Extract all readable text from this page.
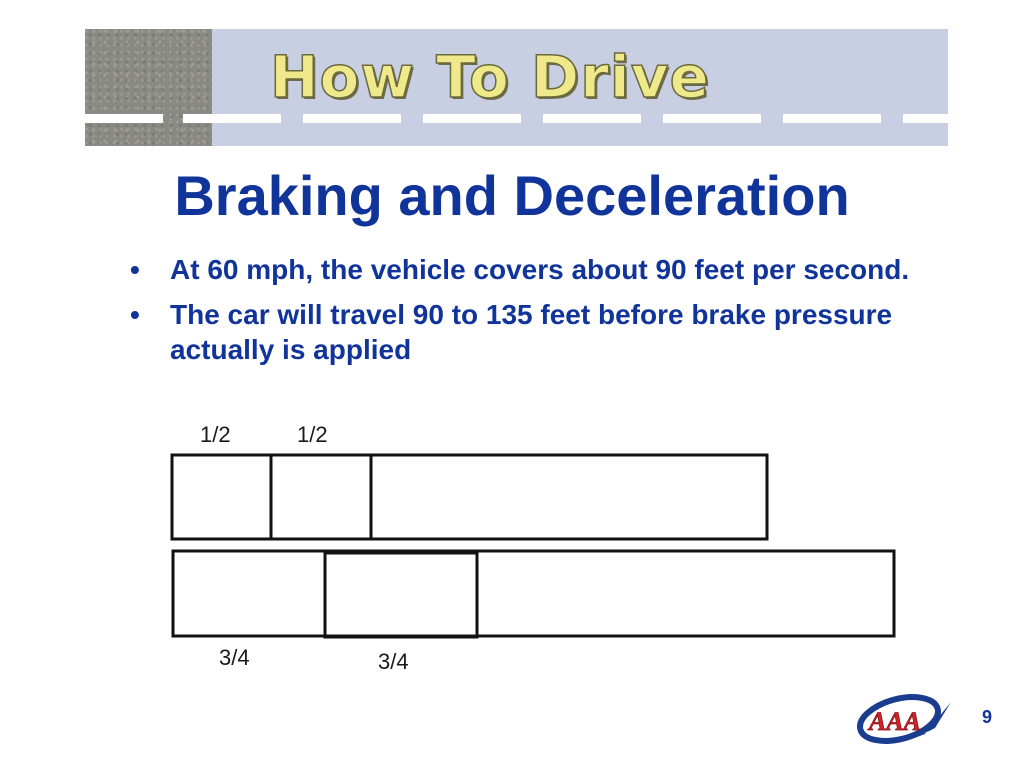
How To Drive
Braking and Deceleration
• At 60 mph, the vehicle covers about 90 feet per second.
• The car will travel 90 to 135 feet before brake pressure actually is applied
1/2	1/2
3/4	3/4
AAA	9
